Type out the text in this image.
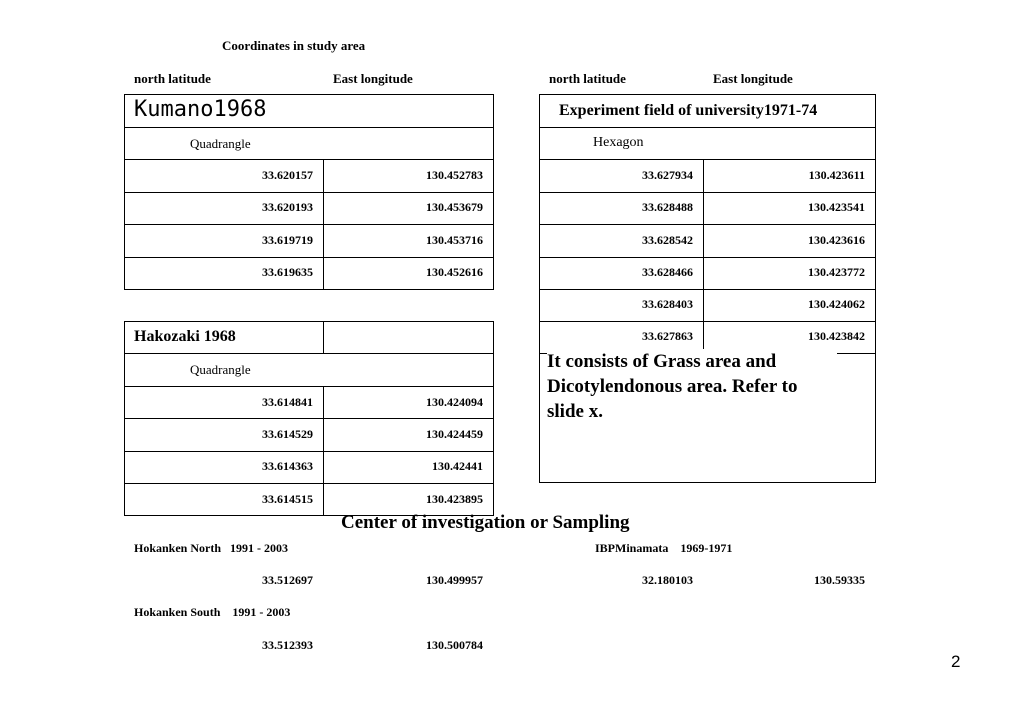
Coordinates in study area
north latitude	East longitude	north latitude	East longitude
Kumano1968
Quadrangle
33.620157	130.452783
33.620193	130.453679
33.619719	130.453716
33.619635	130.452616
Hakozaki 1968
Quadrangle
33.614841	130.424094
33.614529	130.424459
33.614363	130.42441
33.614515	130.423895
Experiment field of university1971-74
Hexagon
33.627934	130.423611
33.628488	130.423541
33.628542	130.423616
33.628466	130.423772
33.628403	130.424062
33.627863	130.423842
It consists of Grass area and Dicotylendonous area. Refer to slide x.
Center of investigation or Sampling
Hokanken North   1991 - 2003
33.512697	130.499957
Hokanken South    1991 - 2003
33.512393	130.500784
IBPMinamata    1969-1971
32.180103	130.59335
2
